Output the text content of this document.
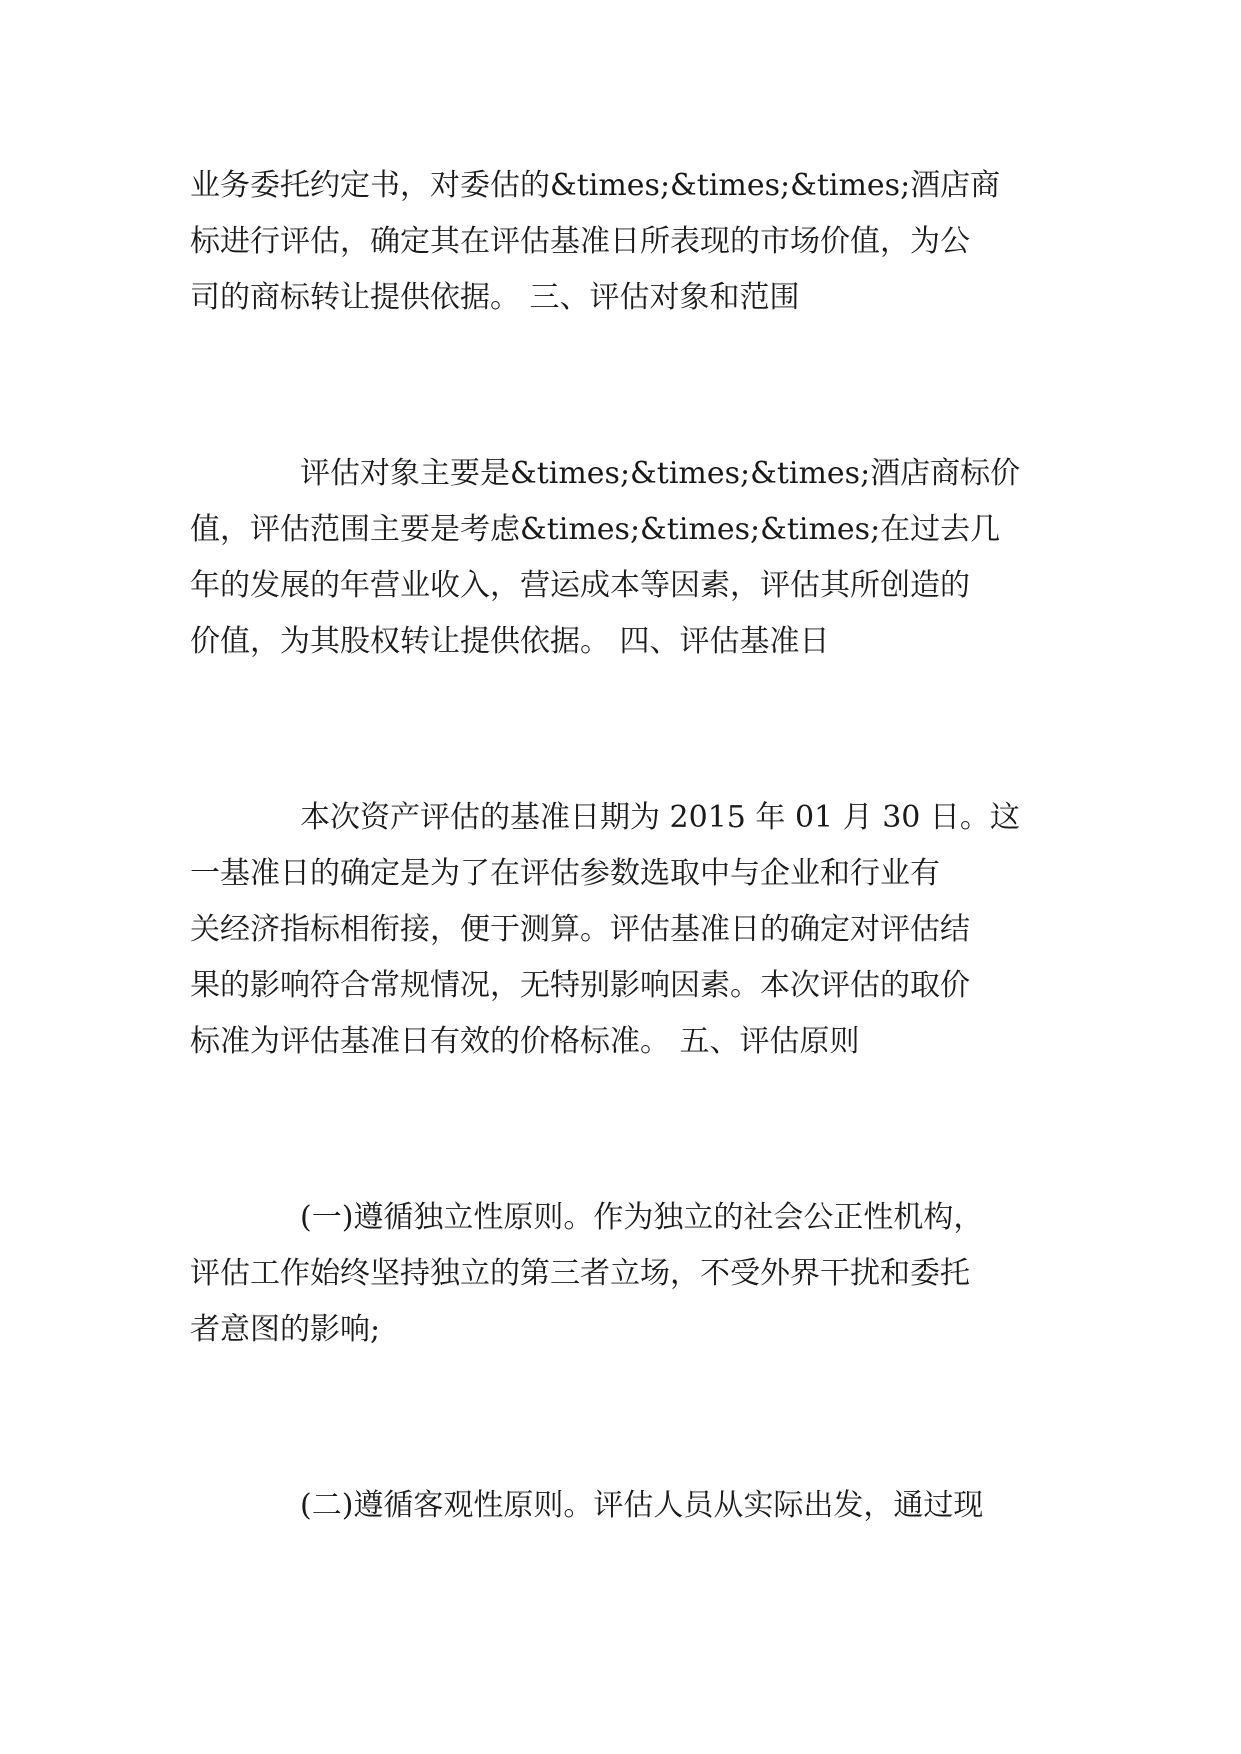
业务委托约定书，对委估的&times;&times;&times;酒店商
标进行评估，确定其在评估基准日所表现的市场价值，为公
司的商标转让提供依据。 三、评估对象和范围
评估对象主要是&times;&times;&times;酒店商标价
值，评估范围主要是考虑&times;&times;&times;在过去几
年的发展的年营业收入，营运成本等因素，评估其所创造的
价值，为其股权转让提供依据。 四、评估基准日
本次资产评估的基准日期为 2015 年 01 月 30 日。这
一基准日的确定是为了在评估参数选取中与企业和行业有
关经济指标相衔接，便于测算。评估基准日的确定对评估结
果的影响符合常规情况，无特别影响因素。本次评估的取价
标准为评估基准日有效的价格标准。 五、评估原则
(一)遵循独立性原则。作为独立的社会公正性机构，
评估工作始终坚持独立的第三者立场，不受外界干扰和委托
者意图的影响;
(二)遵循客观性原则。评估人员从实际出发，通过现
